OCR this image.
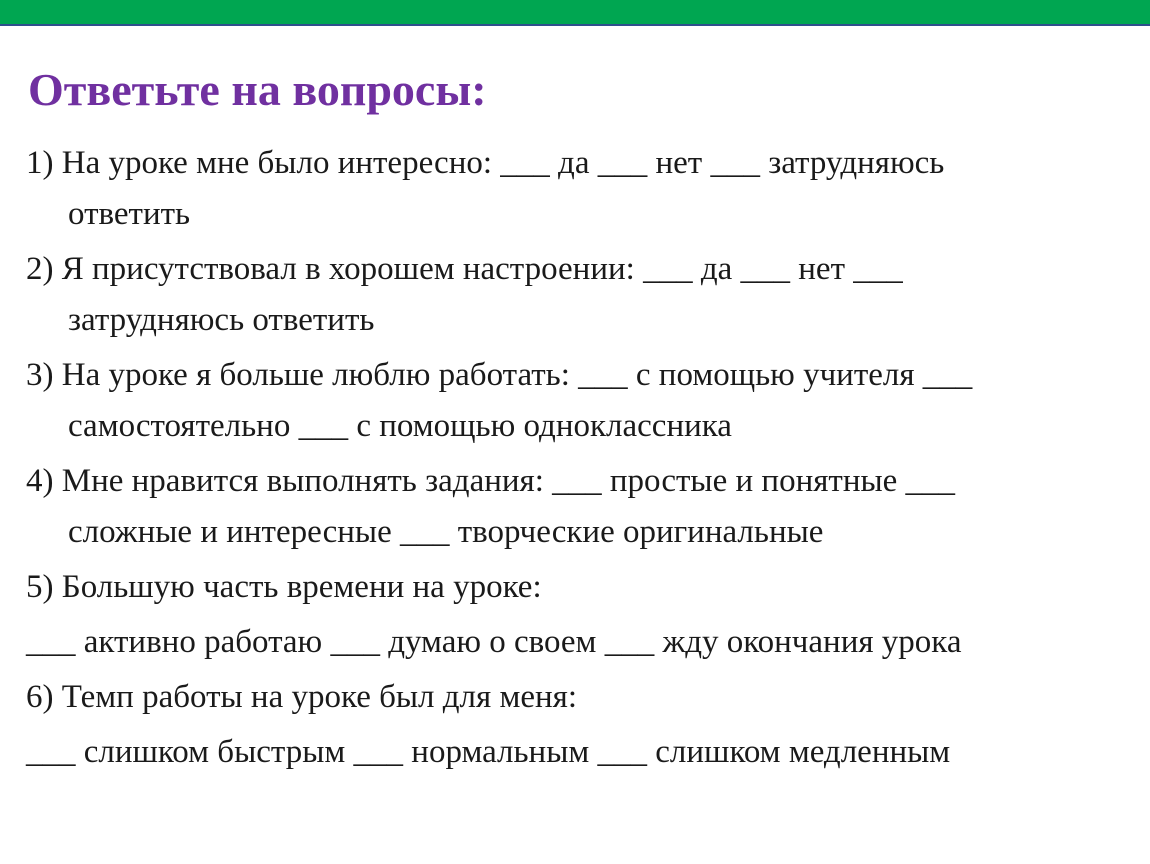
Ответьте на вопросы:
1) На уроке мне было интересно: ___ да ___ нет ___ затрудняюсь
ответить
2) Я присутствовал в хорошем настроении: ___ да ___ нет ___
затрудняюсь ответить
3) На уроке я больше люблю работать: ___ с помощью учителя ___
самостоятельно ___ с помощью одноклассника
4) Мне нравится выполнять задания: ___ простые и понятные ___
сложные и интересные ___ творческие оригинальные
5) Большую часть времени на уроке:
___ активно работаю ___ думаю о своем ___ жду окончания урока
6) Темп работы на уроке был для меня:
___ слишком быстрым ___ нормальным ___ слишком медленным
